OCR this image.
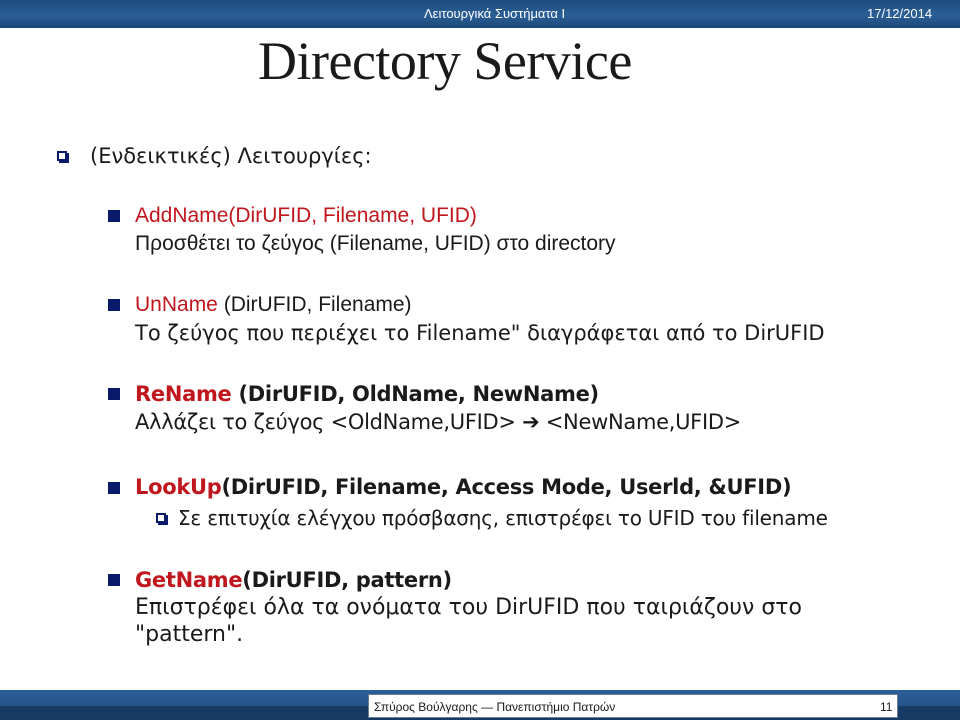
Λειτουργικά Συστήματα Ι	17/12/2014
Directory Service
(Ενδεικτικές) Λειτουργίες:
AddName(DirUFID, Filename, UFID)
Προσθέτει το ζεύγος (Filename, UFID) στο directory
UnName (DirUFID, Filename)
Το ζεύγος που περιέχει το Filename" διαγράφεται από το DirUFID
ReName (DirUFID, OldName, NewName)
Αλλάζει το ζεύγος <OldName,UFID> ➔ <NewName,UFID>
LookUp(DirUFID, Filename, Access Mode, Userld, &UFID)
Σε επιτυχία ελέγχου πρόσβασης, επιστρέφει το UFID του filename
GetName(DirUFID, pattern)
Επιστρέφει όλα τα ονόματα του DirUFID που ταιριάζουν στο
"pattern".
Σπύρος Βούλγαρης — Πανεπιστήμιο Πατρών	11
